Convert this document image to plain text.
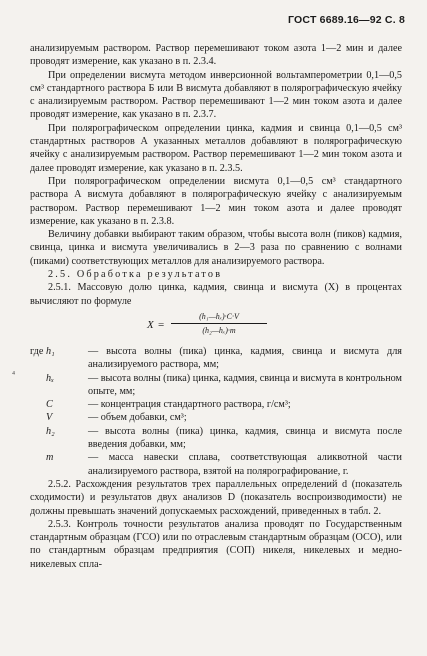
ГОСТ 6689.16—92 С. 8

анализируемым раствором. Раствор перемешивают током азота 1—2 мин и далее проводят измерение, как указано в п. 2.3.4.

При определении висмута методом инверсионной вольтамперометрии 0,1—0,5 см³ стандартного раствора Б или В висмута добавляют в полярографическую ячейку с анализируемым раствором. Раствор перемешивают 1—2 мин током азота и далее проводят измерение, как указано в п. 2.3.7.

При полярографическом определении цинка, кадмия и свинца 0,1—0,5 см³ стандартных растворов А указанных металлов добавляют в полярографическую ячейку с анализируемым раствором. Раствор перемешивают 1—2 мин током азота и далее проводят измерение, как указано в п. 2.3.5.

При полярографическом определении висмута 0,1—0,5 см³ стандартного раствора А висмута добавляют в полярографическую ячейку с анализируемым раствором. Раствор перемешивают 1—2 мин током азота и далее проводят измерение, как указано в п. 2.3.8.

Величину добавки выбирают таким образом, чтобы высота волн (пиков) кадмия, свинца, цинка и висмута увеличивались в 2—3 раза по сравнению с волнами (пиками) соответствующих металлов для анализируемого раствора.

2.5. Обработка результатов

2.5.1. Массовую долю цинка, кадмия, свинца и висмута (X) в процентах вычисляют по формуле

X =
(h₁—hₓ)·C·V
(h₂—hₓ)·m
где h₁	— высота волны (пика) цинка, кадмия, свинца и висмута для анализируемого раствора, мм;
hₓ	— высота волны (пика) цинка, кадмия, свинца и висмута в контрольном опыте, мм;
C	— концентрация стандартного раствора, г/см³;
V	— объем добавки, см³;
h₂	— высота волны (пика) цинка, кадмия, свинца и висмута после введения добавки, мм;
m	— масса навески сплава, соответствующая аликвотной части анализируемого раствора, взятой на полярографирование, г.

2.5.2. Расхождения результатов трех параллельных определений d (показатель сходимости) и результатов двух анализов D (показатель воспроизводимости) не должны превышать значений допускаемых расхождений, приведенных в табл. 2.

2.5.3. Контроль точности результатов анализа проводят по Государственным стандартным образцам (ГСО) или по отраслевым стандартным образцам (ОСО), или по стандартным образцам предприятия (СОП) никеля, никелевых и медно-никелевых спла-

⁴
